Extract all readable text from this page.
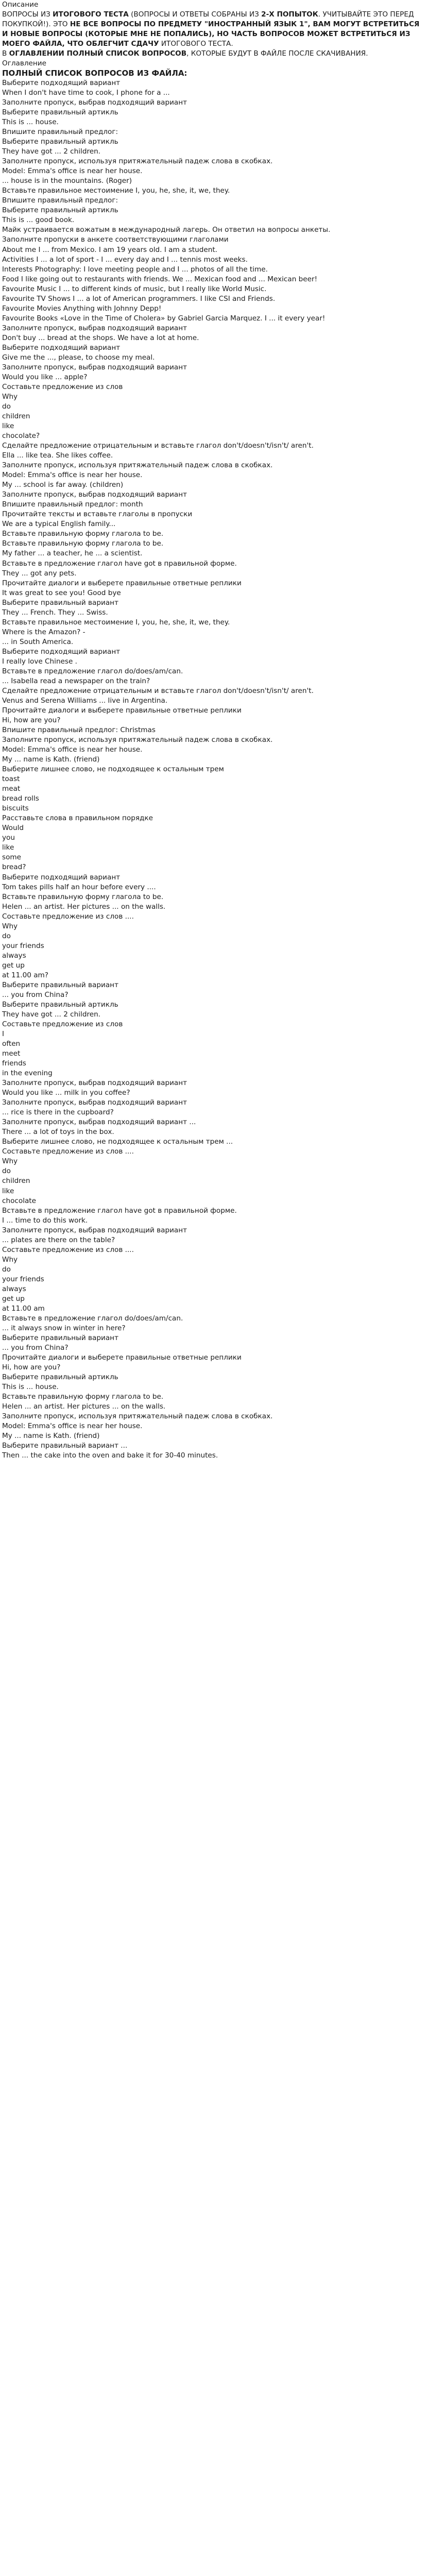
Описание

ВОПРОСЫ ИЗ ИТОГОВОГО ТЕСТА (ВОПРОСЫ И ОТВЕТЫ СОБРАНЫ ИЗ 2-Х ПОПЫТОК. УЧИТЫВАЙТЕ ЭТО ПЕРЕД ПОКУПКОЙ!). ЭТО НЕ ВСЕ ВОПРОСЫ ПО ПРЕДМЕТУ "ИНОСТРАННЫЙ ЯЗЫК 1", ВАМ МОГУТ ВСТРЕТИТЬСЯ И НОВЫЕ ВОПРОСЫ (КОТОРЫЕ МНЕ НЕ ПОПАЛИСЬ), НО ЧАСТЬ ВОПРОСОВ МОЖЕТ ВСТРЕТИТЬСЯ ИЗ МОЕГО ФАЙЛА, ЧТО ОБЛЕГЧИТ СДАЧУ ИТОГОВОГО ТЕСТА.

В ОГЛАВЛЕНИИ ПОЛНЫЙ СПИСОК ВОПРОСОВ, КОТОРЫЕ БУДУТ В ФАЙЛЕ ПОСЛЕ СКАЧИВАНИЯ.

Оглавление

ПОЛНЫЙ СПИСОК ВОПРОСОВ ИЗ ФАЙЛА:

Выберите подходящий вариант

When I don't have time to cook, I phone for a ...

Заполните пропуск, выбрав подходящий вариант

Выберите правильный артикль

This is ... house.

Впишите правильный предлог:

Выберите правильный артикль

They have got ... 2 children.

Заполните пропуск, используя притяжательный падеж слова в скобках.

Model: Emma's office is near her house.

... house is in the mountains. (Roger)

Вставьте правильное местоимение I, you, he, she, it, we, they.

Впишите правильный предлог:

Выберите правильный артикль

This is ... good book.

Майк устраивается вожатым в международный лагерь. Он ответил на вопросы анкеты.

Заполните пропуски в анкете соответствующими глаголами

About me I ... from Mexico. I am 19 years old. I am a student.

Activities I ... a lot of sport - I ... every day and I ... tennis most weeks.

Interests Photography: I love meeting people and I ... photos of all the time.

Food I like going out to restaurants with friends. We ... Mexican food and ... Mexican beer!

Favourite Music I ... to different kinds of music, but I really like World Music.

Favourite TV Shows I ... a lot of American programmers. I like CSI and Friends.

Favourite Movies Anything with Johnny Depp!

Favourite Books «Love in the Time of Cholera» by Gabriel Garcia Marquez. I ... it every year!

Заполните пропуск, выбрав подходящий вариант

Don't buy ... bread at the shops. We have a lot at home.

Выберите подходящий вариант

Give me the ..., please, to choose my meal.

Заполните пропуск, выбрав подходящий вариант

Would you like ... apple?

Составьте предложение из слов

Why

do

children

like

chocolate?

Сделайте предложение отрицательным и вставьте глагол don't/doesn't/isn't/ aren't.

Ella ... like tea. She likes coffee.

Заполните пропуск, используя притяжательный падеж слова в скобках.

Model: Emma's office is near her house.

My ... school is far away. (children)

Заполните пропуск, выбрав подходящий вариант

Впишите правильный предлог: month

Прочитайте тексты и вставьте глаголы в пропуски

We are a typical English family...

Вставьте правильную форму глагола to be.

Вставьте правильную форму глагола to be.

My father ... a teacher, he ... a scientist.

Вставьте в предложение глагол have got в правильной форме.

They ... got any pets.

Прочитайте диалоги и выберете правильные ответные реплики

It was great to see you! Good bye

Выберите правильный вариант

They ... French. They ... Swiss.

Вставьте правильное местоимение I, you, he, she, it, we, they.

Where is the Amazon? -

... in South America.

Выберите подходящий вариант

I really love Chinese .

Вставьте в предложение глагол do/does/am/can.

... Isabella read a newspaper on the train?

Сделайте предложение отрицательным и вставьте глагол don't/doesn't/isn't/ aren't.

Venus and Serena Williams ... live in Argentina.

Прочитайте диалоги и выберете правильные ответные реплики

Hi, how are you?

Впишите правильный предлог: Christmas

Заполните пропуск, используя притяжательный падеж слова в скобках.

Model: Emma's office is near her house.

My ... name is Kath. (friend)

Выберите лишнее слово, не подходящее к остальным трем

toast

meat

bread rolls

biscuits

Расставьте слова в правильном порядке

Would

you

like

some

bread?

Выберите подходящий вариант

Tom takes pills half an hour before every ....

Вставьте правильную форму глагола to be.

Helen ... an artist. Her pictures ... on the walls.

Составьте предложение из слов ....

Why

do

your friends

always

get up

at 11.00 am?

Выберите правильный вариант

... you from China?

Выберите правильный артикль

They have got ... 2 children.

Составьте предложение из слов

I

often

meet

friends

in the evening

Заполните пропуск, выбрав подходящий вариант

Would you like ... milk in you coffee?

Заполните пропуск, выбрав подходящий вариант

... rice is there in the cupboard?

Заполните пропуск, выбрав подходящий вариант ...

There ... a lot of toys in the box.

Выберите лишнее слово, не подходящее к остальным трем ...

Составьте предложение из слов ....

Why

do

children

like

chocolate

Вставьте в предложение глагол have got в правильной форме.

I ... time to do this work.

Заполните пропуск, выбрав подходящий вариант

... plates are there on the table?

Составьте предложение из слов ....

Why

do

your friends

always

get up

at 11.00 am

Вставьте в предложение глагол do/does/am/can.

... it always snow in winter in here?

Выберите правильный вариант

... you from China?

Прочитайте диалоги и выберете правильные ответные реплики

Hi, how are you?

Выберите правильный артикль

This is ... house.

Вставьте правильную форму глагола to be.

Helen ... an artist. Her pictures ... on the walls.

Заполните пропуск, используя притяжательный падеж слова в скобках.

Model: Emma's office is near her house.

My ... name is Kath. (friend)

Выберите правильный вариант ...

Then ... the cake into the oven and bake it for 30-40 minutes.
